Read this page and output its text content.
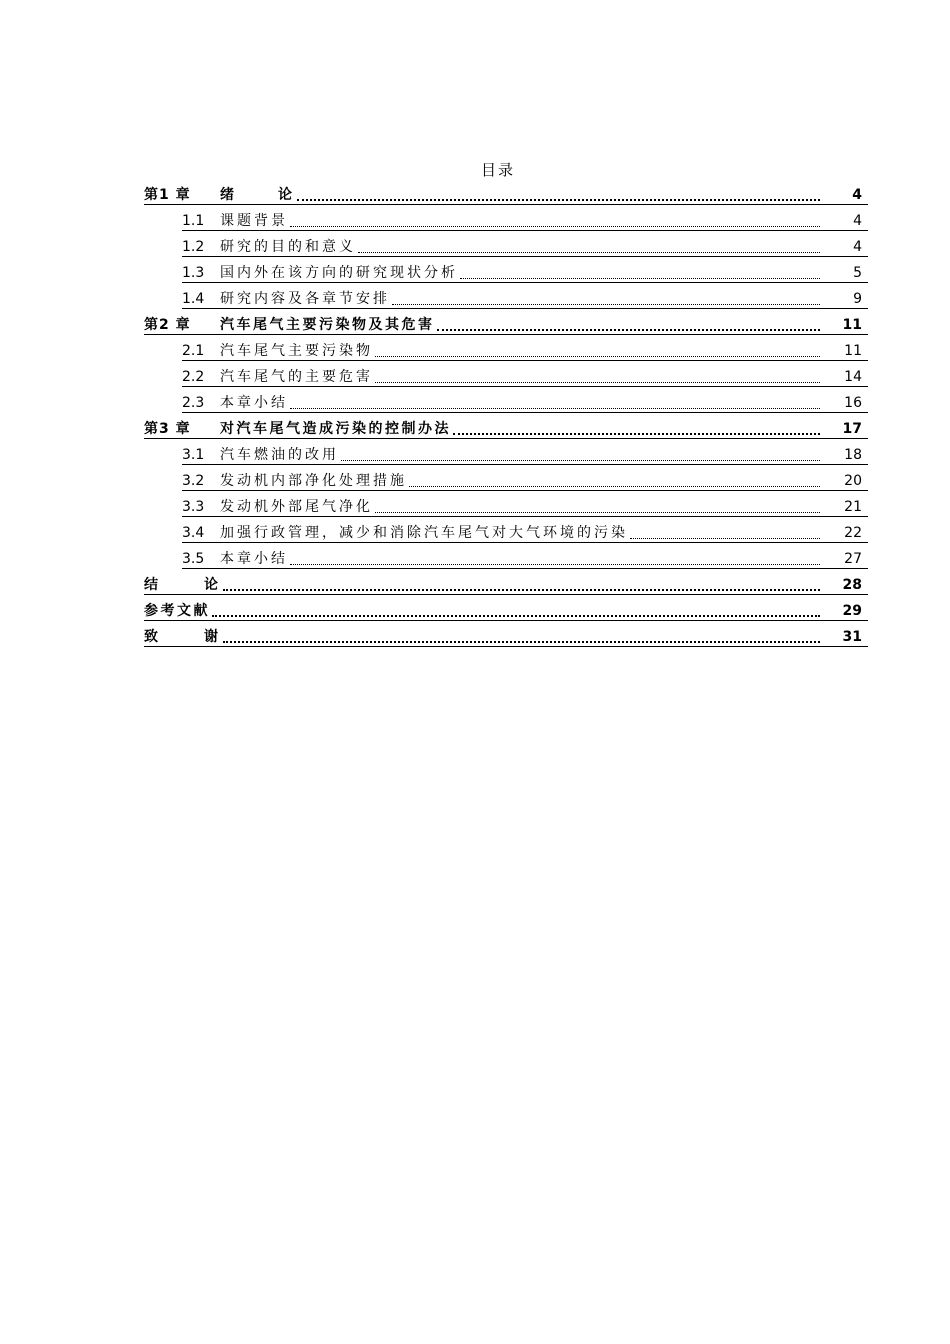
目录
第1 章	绪	论	4
1.1	课题背景	4
1.2	研究的目的和意义	4
1.3	国内外在该方向的研究现状分析	5
1.4	研究内容及各章节安排	9
第2 章	汽车尾气主要污染物及其危害	11
2.1	汽车尾气主要污染物	11
2.2	汽车尾气的主要危害	14
2.3	本章小结	16
第3 章	对汽车尾气造成污染的控制办法	17
3.1	汽车燃油的改用	18
3.2	发动机内部净化处理措施	20
3.3	发动机外部尾气净化	21
3.4	加强行政管理，减少和消除汽车尾气对大气环境的污染	22
3.5	本章小结	27
结	论	28
参考文献	29
致	谢	31
